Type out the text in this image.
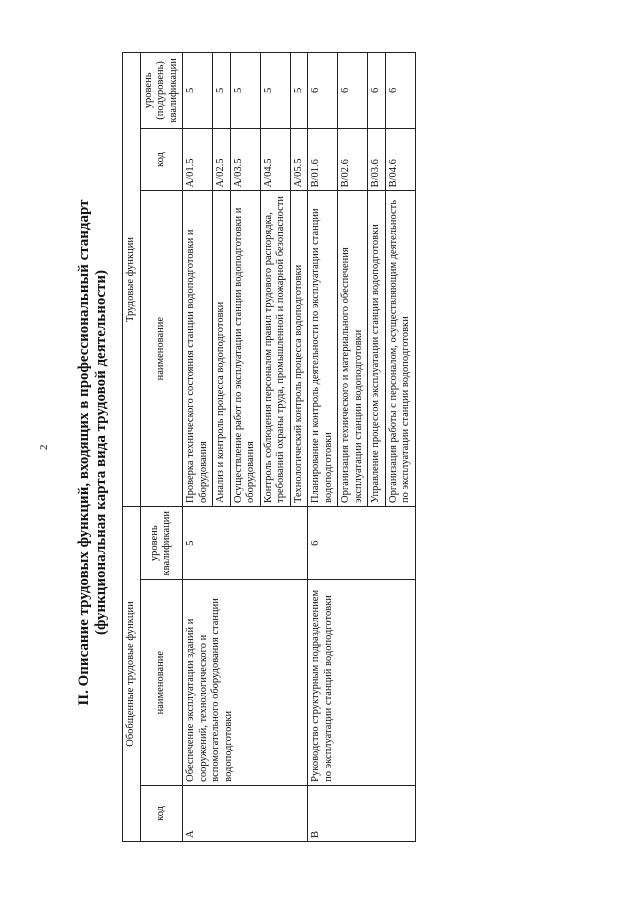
2 II. Описание трудовых функций, входящих в профессиональный стандарт (функциональная карта вида трудовой деятельности)
Обобщенные трудовые функции			Трудовые функции		
код	наименование	уровень квалификации	наименование	код	уровень (подуровень) квалификации
А	Обеспечение эксплуатации зданий и сооружений, технологического и вспомогательного оборудования станции водоподготовки	5	Проверка технического состояния станции водоподготовки и оборудования	A/01.5	5
			Анализ и контроль процесса водоподготовки	A/02.5	5
			Осуществление работ по эксплуатации станции водоподготовки и оборудования	A/03.5	5
			Контроль соблюдения персоналом правил трудового распорядка, требований охраны труда, промышленной и пожарной безопасности	A/04.5	5
			Технологический контроль процесса водоподготовки	A/05.5	5
В	Руководство структурным подразделением по эксплуатации станций водоподготовки	6	Планирование и контроль деятельности по эксплуатации станции водоподготовки	B/01.6	6
			Организация технического и материального обеспечения эксплуатации станции водоподготовки	B/02.6	6
			Управление процессом эксплуатации станции водоподготовки	B/03.6	6
			Организация работы с персоналом, осуществляющим деятельность по эксплуатации станции водоподготовки	B/04.6	6
